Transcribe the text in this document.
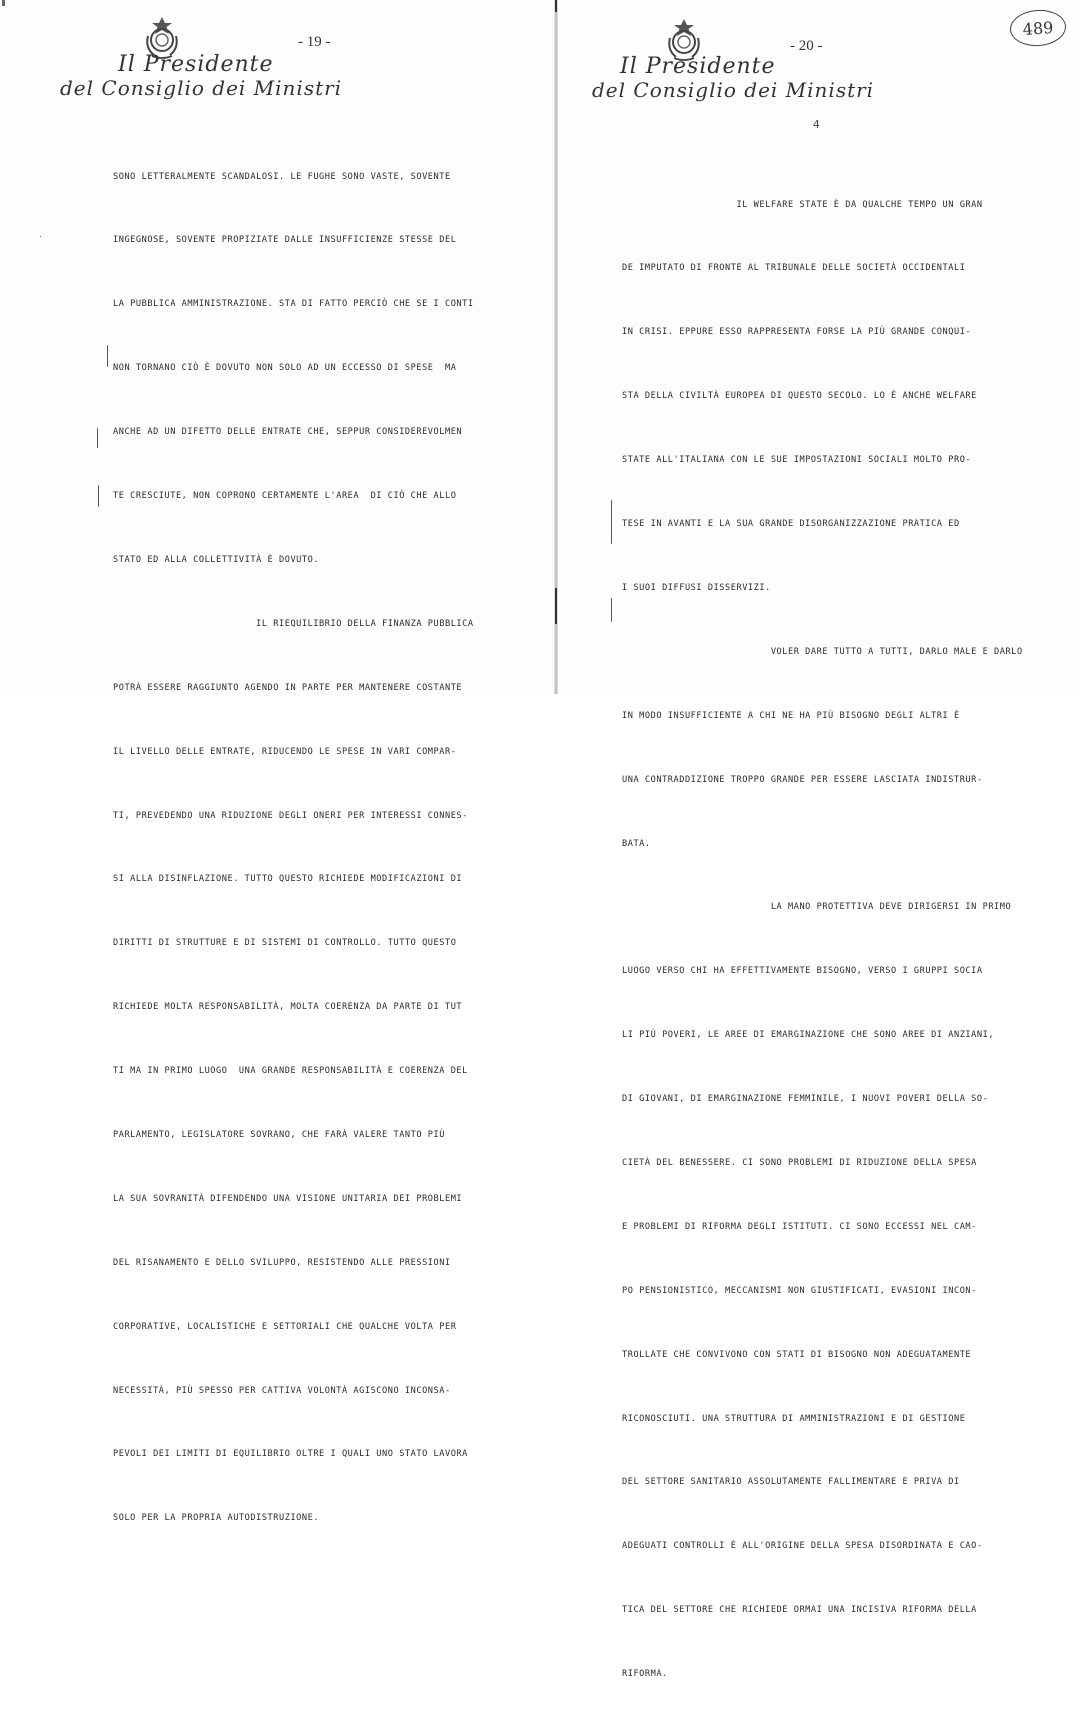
Il Presidente
del Consiglio dei Ministri
- 19 -

SONO LETTERALMENTE SCANDALOSI. LE FUGHE SONO VASTE, SOVENTE

INGEGNOSE, SOVENTE PROPIZIATE DALLE INSUFFICIENZE STESSE DEL

LA PUBBLICA AMMINISTRAZIONE. STA DI FATTO PERCIÒ CHE SE I CONTI

NON TORNANO CIÒ È DOVUTO NON SOLO AD UN ECCESSO DI SPESE  MA

ANCHE AD UN DIFETTO DELLE ENTRATE CHE, SEPPUR CONSIDEREVOLMEN

TE CRESCIUTE, NON COPRONO CERTAMENTE L'AREA  DI CIÒ CHE ALLO

STATO ED ALLA COLLETTIVITÀ È DOVUTO.

IL RIEQUILIBRIO DELLA FINANZA PUBBLICA

POTRÀ ESSERE RAGGIUNTO AGENDO IN PARTE PER MANTENERE COSTANTE

IL LIVELLO DELLE ENTRATE, RIDUCENDO LE SPESE IN VARI COMPAR-

TI, PREVEDENDO UNA RIDUZIONE DEGLI ONERI PER INTERESSI CONNES-

SI ALLA DISINFLAZIONE. TUTTO QUESTO RICHIEDE MODIFICAZIONI DI

DIRITTI DI STRUTTURE E DI SISTEMI DI CONTROLLO. TUTTO QUESTO

RICHIEDE MOLTA RESPONSABILITÀ, MOLTA COERENZA DA PARTE DI TUT

TI MA IN PRIMO LUOGO  UNA GRANDE RESPONSABILITÀ E COERENZA DEL

PARLAMENTO, LEGISLATORE SOVRANO, CHE FARÀ VALERE TANTO PIÙ

LA SUA SOVRANITÀ DIFENDENDO UNA VISIONE UNITARIA DEI PROBLEMI

DEL RISANAMENTO E DELLO SVILUPPO, RESISTENDO ALLE PRESSIONI

CORPORATIVE, LOCALISTICHE E SETTORIALI CHE QUALCHE VOLTA PER

NECESSITÀ, PIÙ SPESSO PER CATTIVA VOLONTÀ AGISCONO INCONSA-

PEVOLI DEI LIMITI DI EQUILIBRIO OLTRE I QUALI UNO STATO LAVORA

SOLO PER LA PROPRIA AUTODISTRUZIONE.

Il Presidente
del Consiglio dei Ministri
- 20 -
489
4

IL WELFARE STATE È DA QUALCHE TEMPO UN GRAN

DE IMPUTATO DI FRONTE AL TRIBUNALE DELLE SOCIETÀ OCCIDENTALI

IN CRISI. EPPURE ESSO RAPPRESENTA FORSE LA PIÙ GRANDE CONQUI-

STA DELLA CIVILTÀ EUROPEA DI QUESTO SECOLO. LO È ANCHE WELFARE

STATE ALL'ITALIANA CON LE SUE IMPOSTAZIONI SOCIALI MOLTO PRO-

TESE IN AVANTI E LA SUA GRANDE DISORGANIZZAZIONE PRATICA ED

I SUOI DIFFUSI DISSERVIZI.

VOLER DARE TUTTO A TUTTI, DARLO MALE E DARLO

IN MODO INSUFFICIENTE A CHI NE HA PIÙ BISOGNO DEGLI ALTRI È

UNA CONTRADDIZIONE TROPPO GRANDE PER ESSERE LASCIATA INDISTRUR-

BATA.

LA MANO PROTETTIVA DEVE DIRIGERSI IN PRIMO

LUOGO VERSO CHI HA EFFETTIVAMENTE BISOGNO, VERSO I GRUPPI SOCIA

LI PIÙ POVERI, LE AREE DI EMARGINAZIONE CHE SONO AREE DI ANZIANI,

DI GIOVANI, DI EMARGINAZIONE FEMMINILE, I NUOVI POVERI DELLA SO-

CIETÀ DEL BENESSERE. CI SONO PROBLEMI DI RIDUZIONE DELLA SPESA

E PROBLEMI DI RIFORMA DEGLI ISTITUTI. CI SONO ECCESSI NEL CAM-

PO PENSIONISTICO, MECCANISMI NON GIUSTIFICATI, EVASIONI INCON-

TROLLATE CHE CONVIVONO CON STATI DI BISOGNO NON ADEGUATAMENTE

RICONOSCIUTI. UNA STRUTTURA DI AMMINISTRAZIONI E DI GESTIONE

DEL SETTORE SANITARIO ASSOLUTAMENTE FALLIMENTARE E PRIVA DI

ADEGUATI CONTROLLI È ALL'ORIGINE DELLA SPESA DISORDINATA E CAO-

TICA DEL SETTORE CHE RICHIEDE ORMAI UNA INCISIVA RIFORMA DELLA

RIFORMA.
